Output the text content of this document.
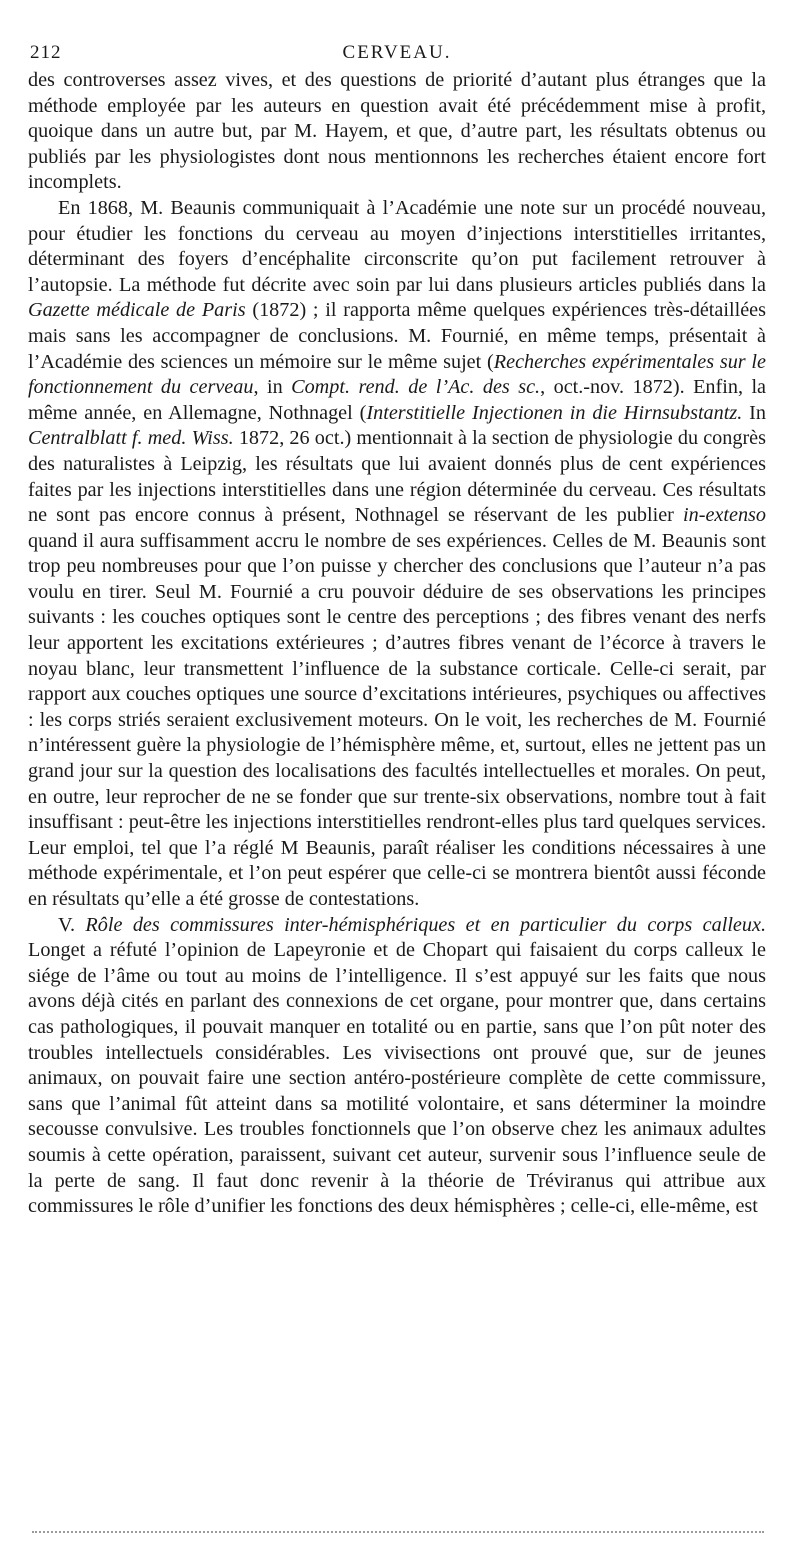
212	CERVEAU.

des controverses assez vives, et des questions de priorité d’autant plus étranges que la méthode employée par les auteurs en question avait été précédemment mise à profit, quoique dans un autre but, par M. Hayem, et que, d’autre part, les résultats obtenus ou publiés par les physiologistes dont nous mentionnons les recherches étaient encore fort incomplets.

En 1868, M. Beaunis communiquait à l’Académie une note sur un procédé nouveau, pour étudier les fonctions du cerveau au moyen d’injections interstitielles irritantes, déterminant des foyers d’encéphalite circonscrite qu’on put facilement retrouver à l’autopsie. La méthode fut décrite avec soin par lui dans plusieurs articles publiés dans la Gazette médicale de Paris (1872) ; il rapporta même quelques expériences très-détaillées mais sans les accompagner de conclusions. M. Fournié, en même temps, présentait à l’Académie des sciences un mémoire sur le même sujet (Recherches expérimentales sur le fonctionnement du cerveau, in Compt. rend. de l’Ac. des sc., oct.-nov. 1872). Enfin, la même année, en Allemagne, Nothnagel (Interstitielle Injectionen in die Hirnsubstantz. In Centralblatt f. med. Wiss. 1872, 26 oct.) mentionnait à la section de physiologie du congrès des naturalistes à Leipzig, les résultats que lui avaient donnés plus de cent expériences faites par les injections interstitielles dans une région déterminée du cerveau. Ces résultats ne sont pas encore connus à présent, Nothnagel se réservant de les publier in-extenso quand il aura suffisamment accru le nombre de ses expériences. Celles de M. Beaunis sont trop peu nombreuses pour que l’on puisse y chercher des conclusions que l’auteur n’a pas voulu en tirer. Seul M. Fournié a cru pouvoir déduire de ses observations les principes suivants : les couches optiques sont le centre des perceptions ; des fibres venant des nerfs leur apportent les excitations extérieures ; d’autres fibres venant de l’écorce à travers le noyau blanc, leur transmettent l’influence de la substance corticale. Celle-ci serait, par rapport aux couches optiques une source d’excitations intérieures, psychiques ou affectives : les corps striés seraient exclusivement moteurs. On le voit, les recherches de M. Fournié n’intéressent guère la physiologie de l’hémisphère même, et, surtout, elles ne jettent pas un grand jour sur la question des localisations des facultés intellectuelles et morales. On peut, en outre, leur reprocher de ne se fonder que sur trente-six observations, nombre tout à fait insuffisant : peut-être les injections interstitielles rendront-elles plus tard quelques services. Leur emploi, tel que l’a réglé M Beaunis, paraît réaliser les conditions nécessaires à une méthode expérimentale, et l’on peut espérer que celle-ci se montrera bientôt aussi féconde en résultats qu’elle a été grosse de contestations.

V. Rôle des commissures inter-hémisphériques et en particulier du corps calleux. Longet a réfuté l’opinion de Lapeyronie et de Chopart qui faisaient du corps calleux le siége de l’âme ou tout au moins de l’intelligence. Il s’est appuyé sur les faits que nous avons déjà cités en parlant des connexions de cet organe, pour montrer que, dans certains cas pathologiques, il pouvait manquer en totalité ou en partie, sans que l’on pût noter des troubles intellectuels considérables. Les vivisections ont prouvé que, sur de jeunes animaux, on pouvait faire une section antéro-postérieure complète de cette commissure, sans que l’animal fût atteint dans sa motilité volontaire, et sans déterminer la moindre secousse convulsive. Les troubles fonctionnels que l’on observe chez les animaux adultes soumis à cette opération, paraissent, suivant cet auteur, survenir sous l’influence seule de la perte de sang. Il faut donc revenir à la théorie de Tréviranus qui attribue aux commissures le rôle d’unifier les fonctions des deux hémisphères ; celle-ci, elle-même, est
